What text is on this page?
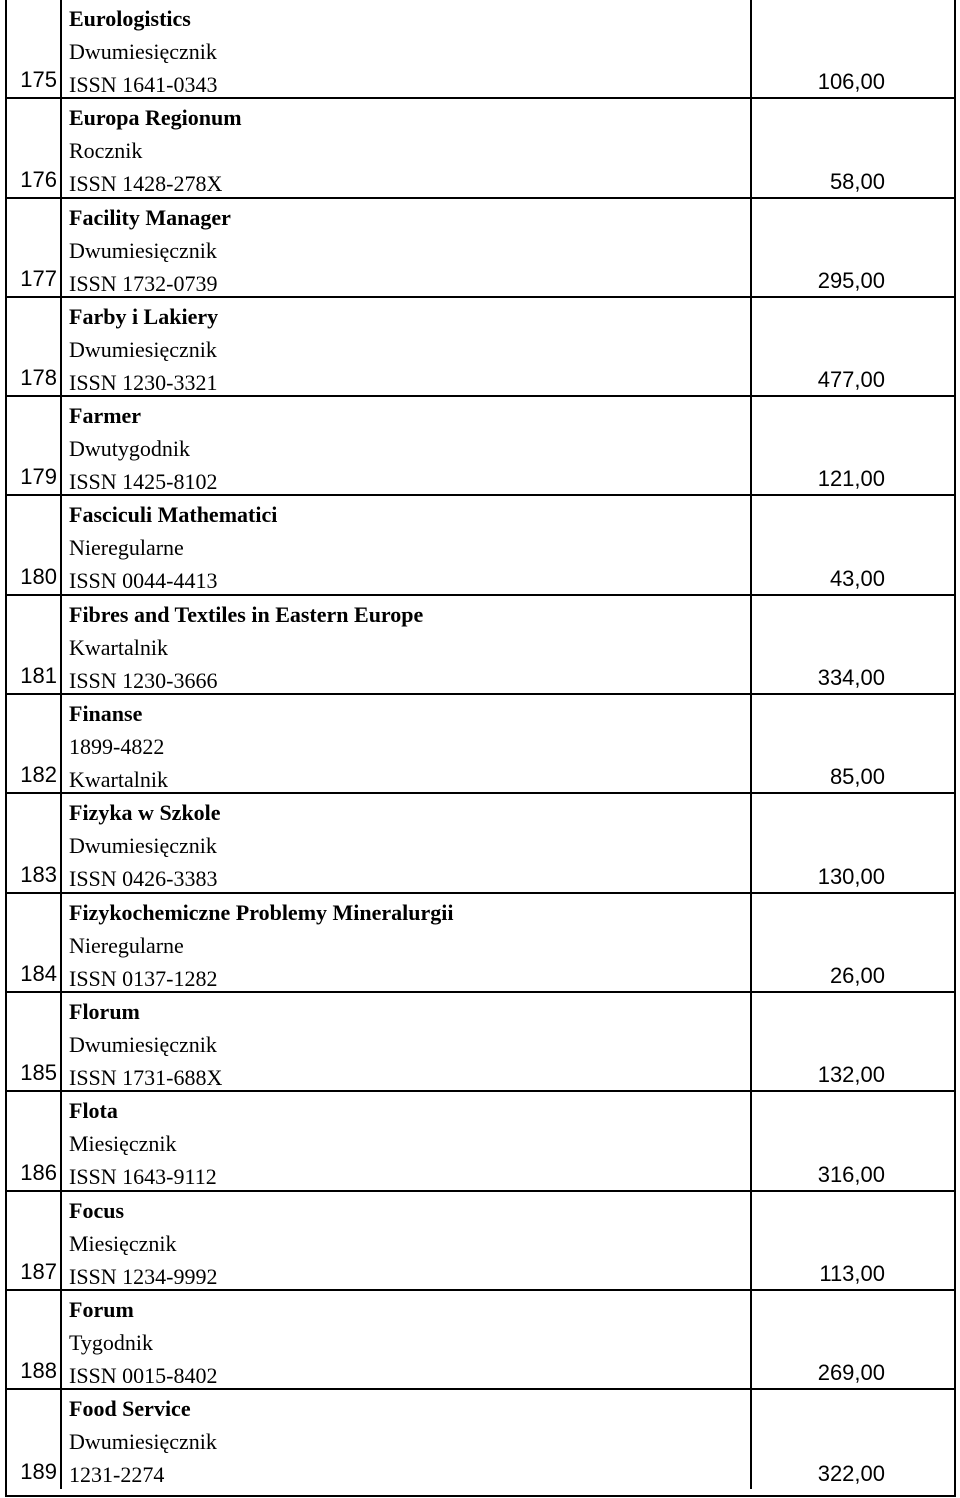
175
Eurologistics
Dwumiesięcznik
ISSN 1641-0343	106,00
176
Europa Regionum
Rocznik
ISSN 1428-278X	58,00
177
Facility Manager
Dwumiesięcznik
ISSN 1732-0739	295,00
178
Farby i Lakiery
Dwumiesięcznik
ISSN 1230-3321	477,00
179
Farmer
Dwutygodnik
ISSN 1425-8102	121,00
180
Fasciculi Mathematici
Nieregularne
ISSN 0044-4413	43,00
181
Fibres and Textiles in Eastern Europe
Kwartalnik
ISSN 1230-3666	334,00
182
Finanse
1899-4822
Kwartalnik	85,00
183
Fizyka w Szkole
Dwumiesięcznik
ISSN 0426-3383	130,00
184
Fizykochemiczne Problemy Mineralurgii
Nieregularne
ISSN 0137-1282	26,00
185
Florum
Dwumiesięcznik
ISSN 1731-688X	132,00
186
Flota
Miesięcznik
ISSN 1643-9112	316,00
187
Focus
Miesięcznik
ISSN 1234-9992	113,00
188
Forum
Tygodnik
ISSN 0015-8402	269,00
189
Food Service
Dwumiesięcznik
1231-2274	322,00
